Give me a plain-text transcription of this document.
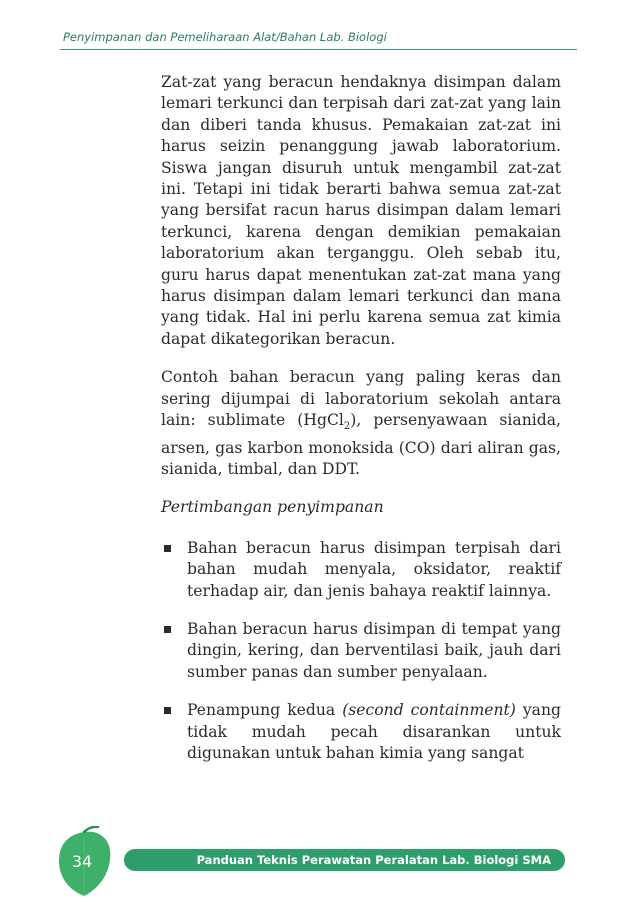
Penyimpanan dan Pemeliharaan Alat/Bahan Lab. Biologi

Zat-zat yang beracun hendaknya disimpan dalam lemari terkunci dan terpisah dari zat-zat yang lain dan diberi tanda khusus. Pemakaian zat-zat ini harus seizin penanggung jawab laboratorium. Siswa jangan disuruh untuk mengambil zat-zat ini. Tetapi ini tidak berarti bahwa semua zat-zat yang bersifat racun harus disimpan dalam lemari terkunci, karena dengan demikian pemakaian laboratorium akan terganggu. Oleh sebab itu, guru harus dapat menentukan zat-zat mana yang harus disimpan dalam lemari terkunci dan mana yang tidak. Hal ini perlu karena semua zat kimia dapat dikategorikan beracun.

Contoh bahan beracun yang paling keras dan sering dijumpai di laboratorium sekolah antara lain: sublimate (HgCl$_2$), persenyawaan sianida, arsen, gas karbon monoksida (CO) dari aliran gas, sianida, timbal, dan DDT.

Pertimbangan penyimpanan

Bahan beracun harus disimpan terpisah dari bahan mudah menyala, oksidator, reaktif terhadap air, dan jenis bahaya reaktif lainnya.
Bahan beracun harus disimpan di tempat yang dingin, kering, dan berventilasi baik, jauh dari sumber panas dan sumber penyalaan.
Penampung kedua (second containment) yang tidak mudah pecah disarankan untuk digunakan untuk bahan kimia yang sangat
34	Panduan Teknis Perawatan Peralatan Lab. Biologi SMA
